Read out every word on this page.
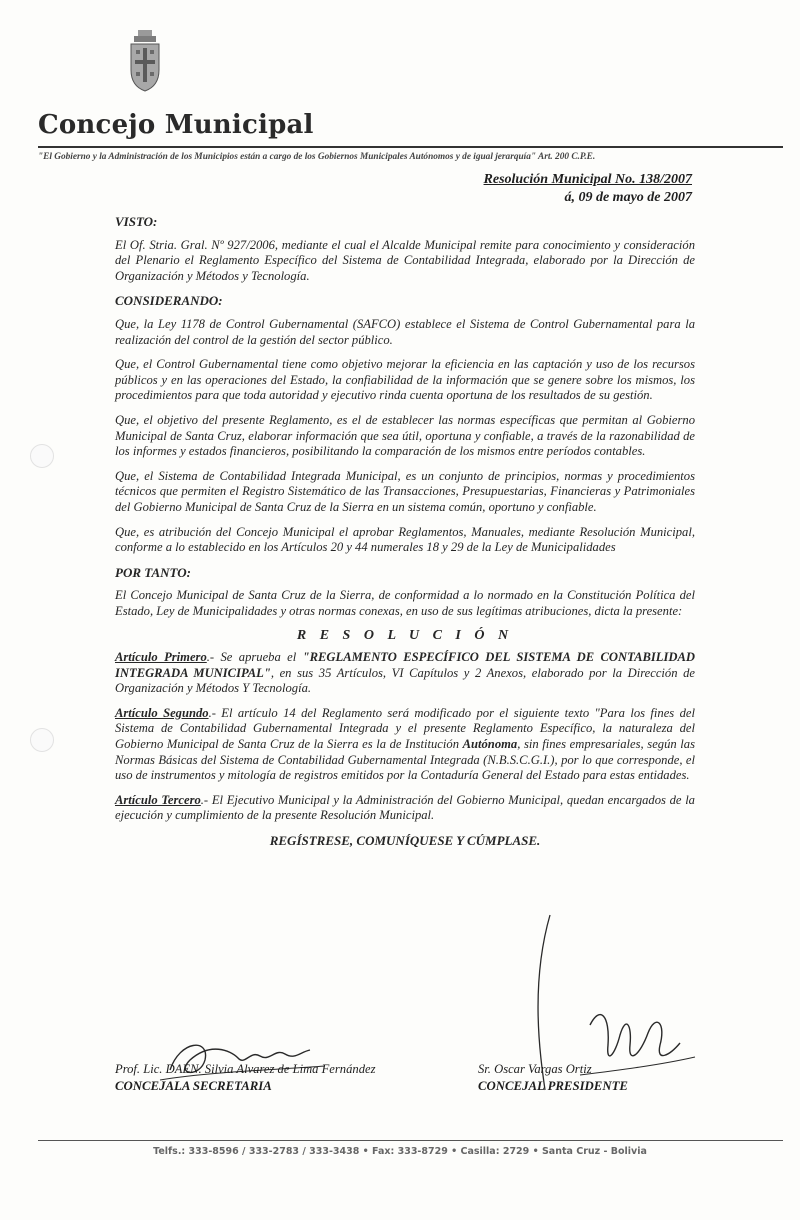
Concejo Municipal
"El Gobierno y la Administración de los Municipios están a cargo de los Gobiernos Municipales Autónomos y de igual jerarquía" Art. 200 C.P.E.
Resolución Municipal No. 138/2007
á, 09 de mayo de 2007
VISTO:

El Of. Stria. Gral. Nº 927/2006, mediante el cual el Alcalde Municipal remite para conocimiento y consideración del Plenario el Reglamento Específico del Sistema de Contabilidad Integrada, elaborado por la Dirección de Organización y Métodos y Tecnología.

CONSIDERANDO:

Que, la Ley 1178 de Control Gubernamental (SAFCO) establece el Sistema de Control Gubernamental para la realización del control de la gestión del sector público.

Que, el Control Gubernamental tiene como objetivo mejorar la eficiencia en las captación y uso de los recursos públicos y en las operaciones del Estado, la confiabilidad de la información que se genere sobre los mismos, los procedimientos para que toda autoridad y ejecutivo rinda cuenta oportuna de los resultados de su gestión.

Que, el objetivo del presente Reglamento, es el de establecer las normas específicas que permitan al Gobierno Municipal de Santa Cruz, elaborar información que sea útil, oportuna y confiable, a través de la razonabilidad de los informes y estados financieros, posibilitando la comparación de los mismos entre períodos contables.

Que, el Sistema de Contabilidad Integrada Municipal, es un conjunto de principios, normas y procedimientos técnicos que permiten el Registro Sistemático de las Transacciones, Presupuestarias, Financieras y Patrimoniales del Gobierno Municipal de Santa Cruz de la Sierra en un sistema común, oportuno y confiable.

Que, es atribución del Concejo Municipal el aprobar Reglamentos, Manuales, mediante Resolución Municipal, conforme a lo establecido en los Artículos 20 y 44 numerales 18 y 29 de la Ley de Municipalidades

POR TANTO:

El Concejo Municipal de Santa Cruz de la Sierra, de conformidad a lo normado en la Constitución Política del Estado, Ley de Municipalidades y otras normas conexas, en uso de sus legítimas atribuciones, dicta la presente:

R E S O L U C I Ó N

Artículo Primero.- Se aprueba el "REGLAMENTO ESPECÍFICO DEL SISTEMA DE CONTABILIDAD INTEGRADA MUNICIPAL", en sus 35 Artículos, VI Capítulos y 2 Anexos, elaborado por la Dirección de Organización y Métodos Y Tecnología.

Artículo Segundo.- El artículo 14 del Reglamento será modificado por el siguiente texto "Para los fines del Sistema de Contabilidad Gubernamental Integrada y el presente Reglamento Específico, la naturaleza del Gobierno Municipal de Santa Cruz de la Sierra es la de Institución Autónoma, sin fines empresariales, según las Normas Básicas del Sistema de Contabilidad Gubernamental Integrada (N.B.S.C.G.I.), por lo que corresponde, el uso de instrumentos y mitología de registros emitidos por la Contaduría General del Estado para estas entidades.

Artículo Tercero.- El Ejecutivo Municipal y la Administración del Gobierno Municipal, quedan encargados de la ejecución y cumplimiento de la presente Resolución Municipal.

REGÍSTRESE, COMUNÍQUESE Y CÚMPLASE.
Prof. Lic. DAEN. Silvia Alvarez de Lima Fernández
CONCEJALA SECRETARIA
Sr. Oscar Vargas Ortiz
CONCEJAL PRESIDENTE
Telfs.: 333-8596 / 333-2783 / 333-3438 • Fax: 333-8729 • Casilla: 2729 • Santa Cruz - Bolivia
